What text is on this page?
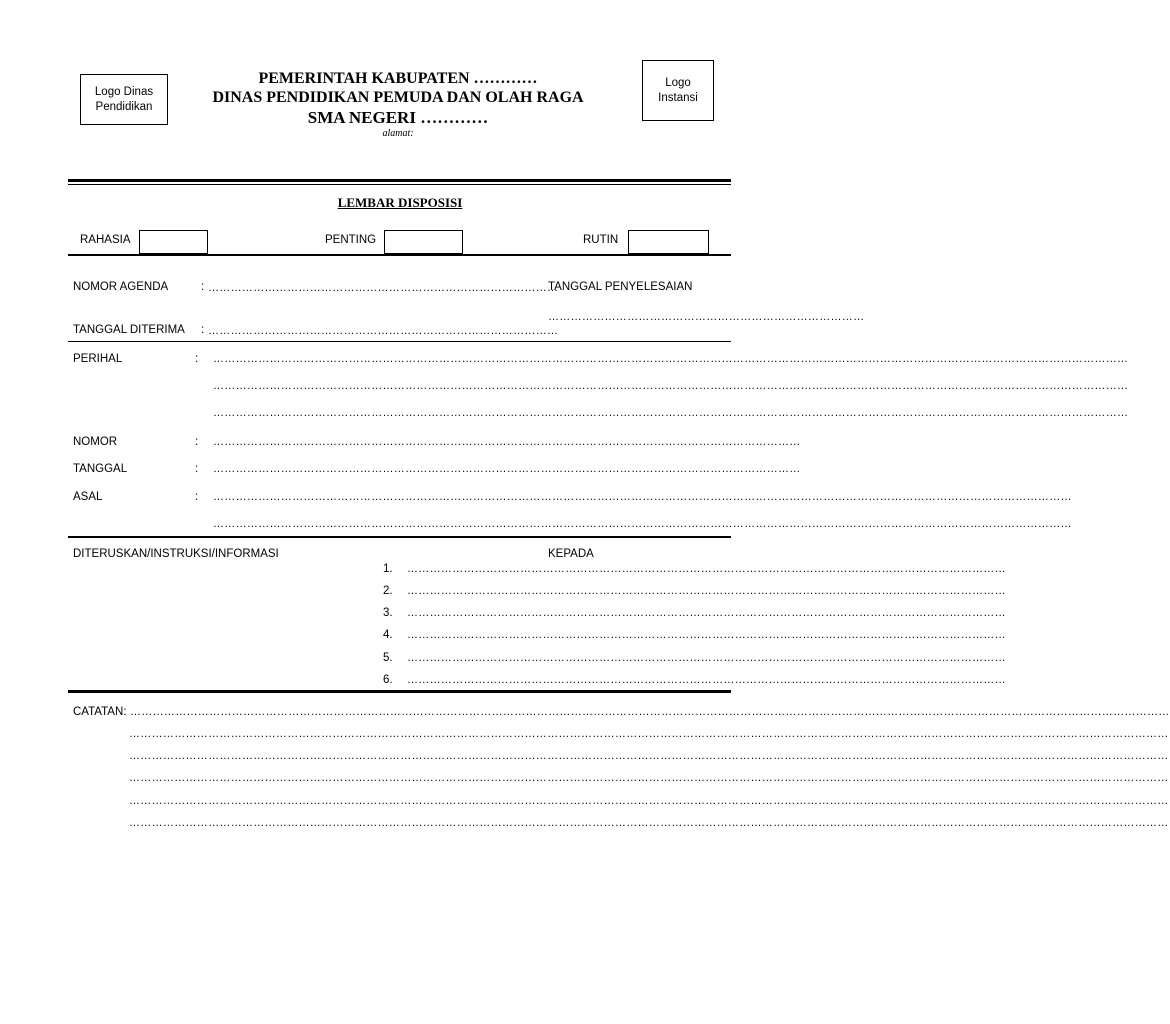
Logo Dinas
Pendidikan
Logo
Instansi
PEMERINTAH KABUPATEN …………
DINAS PENDIDIKAN PEMUDA DAN OLAH RAGA
SMA NEGERI …………
alamat:
LEMBAR DISPOSISI
RAHASIA	PENTING	RUTIN
NOMOR AGENDA	: …………………………………………………………………………………
TANGGAL PENYELESAIAN
…………………………………………………………………………
TANGGAL DITERIMA : …………………………………………………………………………………
PERIHAL	: ………………………………………………………………………………………………………………………………………………………………………………………………………………………
………………………………………………………………………………………………………………………………………………………………………………………………………………………
………………………………………………………………………………………………………………………………………………………………………………………………………………………
NOMOR	: …………………………………………………………………………………………………………………………………………
TANGGAL	: …………………………………………………………………………………………………………………………………………
ASAL	: …………………………………………………………………………………………………………………………………………………………………………………………………………
…………………………………………………………………………………………………………………………………………………………………………………………………………
DITERUSKAN/INSTRUKSI/INFORMASI	KEPADA
1. ……………………………………………………………………………………………………………………………………………
2. ……………………………………………………………………………………………………………………………………………
3. ……………………………………………………………………………………………………………………………………………
4. ……………………………………………………………………………………………………………………………………………
5. ……………………………………………………………………………………………………………………………………………
6. ……………………………………………………………………………………………………………………………………………
CATATAN: ……………………………………………………………………………………………………………………………………………………………………………………………………………………………………………………
……………………………………………………………………………………………………………………………………………………………………………………………………………………………………………………
……………………………………………………………………………………………………………………………………………………………………………………………………………………………………………………
……………………………………………………………………………………………………………………………………………………………………………………………………………………………………………………
……………………………………………………………………………………………………………………………………………………………………………………………………………………………………………………
……………………………………………………………………………………………………………………………………………………………………………………………………………………………………………………
